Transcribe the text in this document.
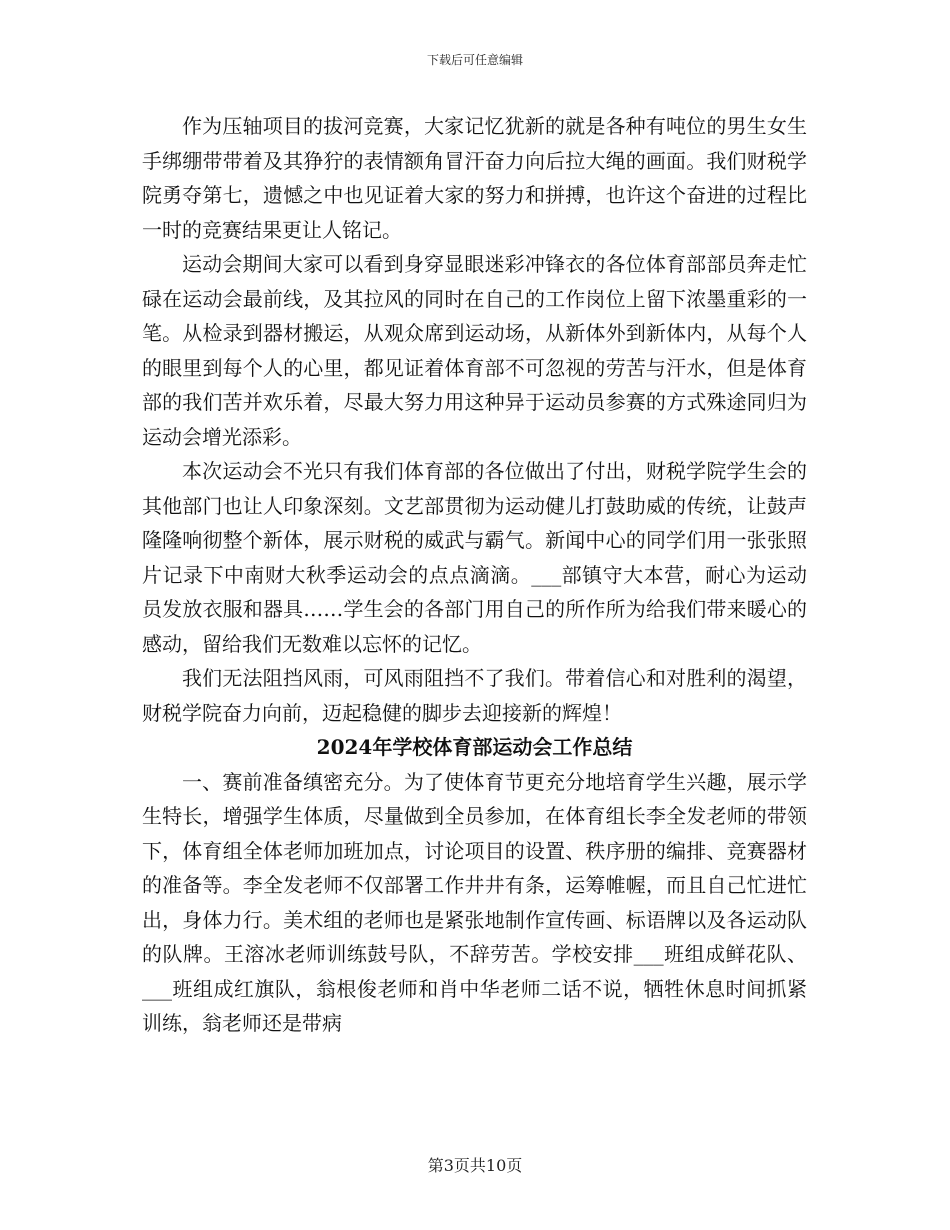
下载后可任意编辑

作为压轴项目的拔河竞赛，大家记忆犹新的就是各种有吨位的男生女生手绑绷带带着及其狰狞的表情额角冒汗奋力向后拉大绳的画面。我们财税学院勇夺第七，遗憾之中也见证着大家的努力和拼搏，也许这个奋进的过程比一时的竞赛结果更让人铭记。

运动会期间大家可以看到身穿显眼迷彩冲锋衣的各位体育部部员奔走忙碌在运动会最前线，及其拉风的同时在自己的工作岗位上留下浓墨重彩的一笔。从检录到器材搬运，从观众席到运动场，从新体外到新体内，从每个人的眼里到每个人的心里，都见证着体育部不可忽视的劳苦与汗水，但是体育部的我们苦并欢乐着，尽最大努力用这种异于运动员参赛的方式殊途同归为运动会增光添彩。

本次运动会不光只有我们体育部的各位做出了付出，财税学院学生会的其他部门也让人印象深刻。文艺部贯彻为运动健儿打鼓助威的传统，让鼓声隆隆响彻整个新体，展示财税的威武与霸气。新闻中心的同学们用一张张照片记录下中南财大秋季运动会的点点滴滴。___部镇守大本营，耐心为运动员发放衣服和器具……学生会的各部门用自己的所作所为给我们带来暖心的感动，留给我们无数难以忘怀的记忆。

我们无法阻挡风雨，可风雨阻挡不了我们。带着信心和对胜利的渴望，财税学院奋力向前，迈起稳健的脚步去迎接新的辉煌！

2024年学校体育部运动会工作总结

一、赛前准备缜密充分。为了使体育节更充分地培育学生兴趣，展示学生特长，增强学生体质，尽量做到全员参加，在体育组长李全发老师的带领下，体育组全体老师加班加点，讨论项目的设置、秩序册的编排、竞赛器材的准备等。李全发老师不仅部署工作井井有条，运筹帷幄，而且自己忙进忙出，身体力行。美术组的老师也是紧张地制作宣传画、标语牌以及各运动队的队牌。王溶冰老师训练鼓号队，不辞劳苦。学校安排___班组成鲜花队、___班组成红旗队，翁根俊老师和肖中华老师二话不说，牺牲休息时间抓紧训练，翁老师还是带病

第3页共10页
